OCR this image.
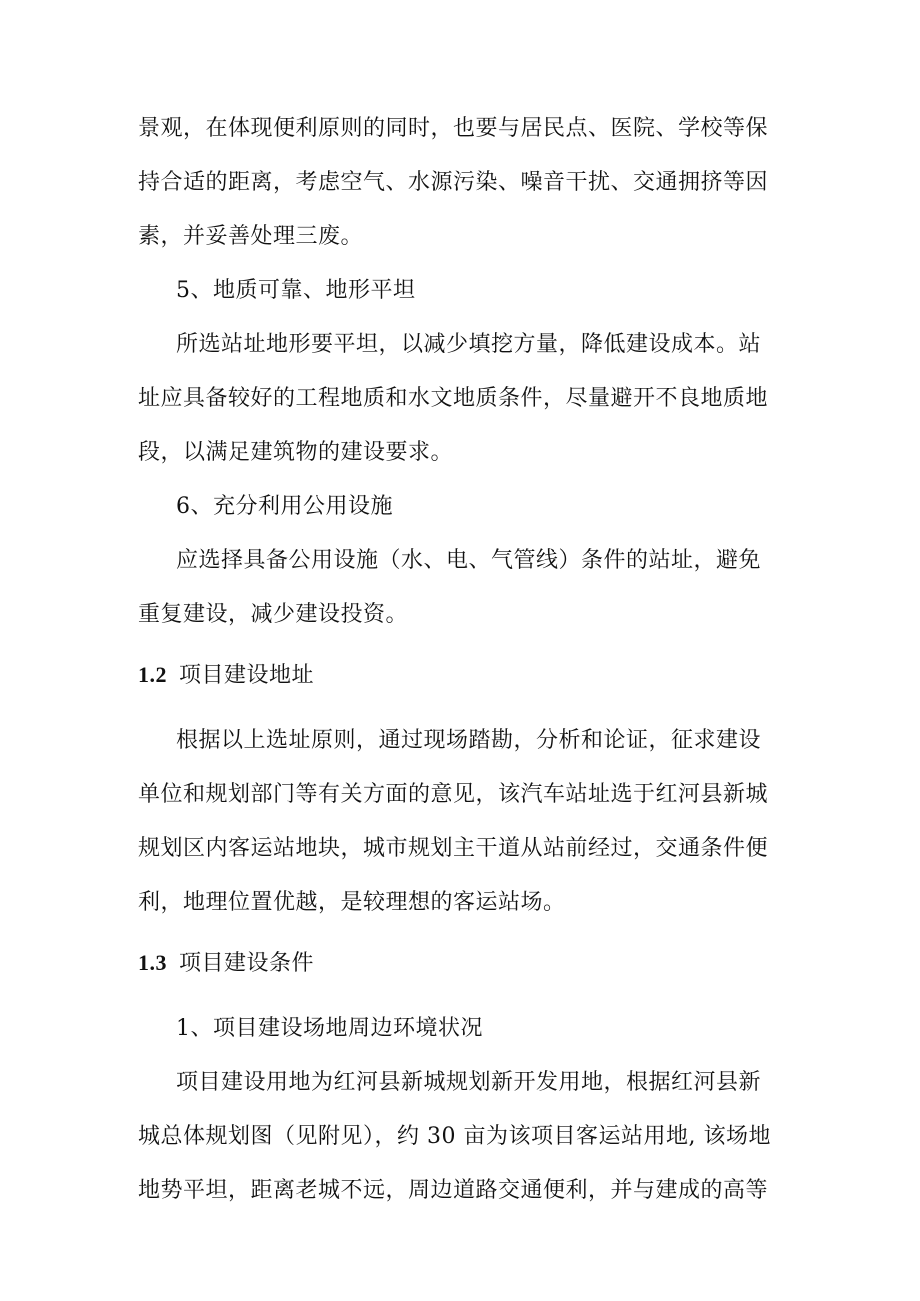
景观，在体现便利原则的同时，也要与居民点、医院、学校等保
持合适的距离，考虑空气、水源污染、噪音干扰、交通拥挤等因
素，并妥善处理三废。
5、地质可靠、地形平坦
所选站址地形要平坦，以减少填挖方量，降低建设成本。站
址应具备较好的工程地质和水文地质条件，尽量避开不良地质地
段，以满足建筑物的建设要求。
6、充分利用公用设施
应选择具备公用设施（水、电、气管线）条件的站址，避免
重复建设，减少建设投资。
1.2 项目建设地址
根据以上选址原则，通过现场踏勘，分析和论证，征求建设
单位和规划部门等有关方面的意见，该汽车站址选于红河县新城
规划区内客运站地块，城市规划主干道从站前经过，交通条件便
利，地理位置优越，是较理想的客运站场。
1.3 项目建设条件
1、项目建设场地周边环境状况
项目建设用地为红河县新城规划新开发用地，根据红河县新
城总体规划图（见附见），约 30 亩为该项目客运站用地, 该场地
地势平坦，距离老城不远，周边道路交通便利，并与建成的高等
